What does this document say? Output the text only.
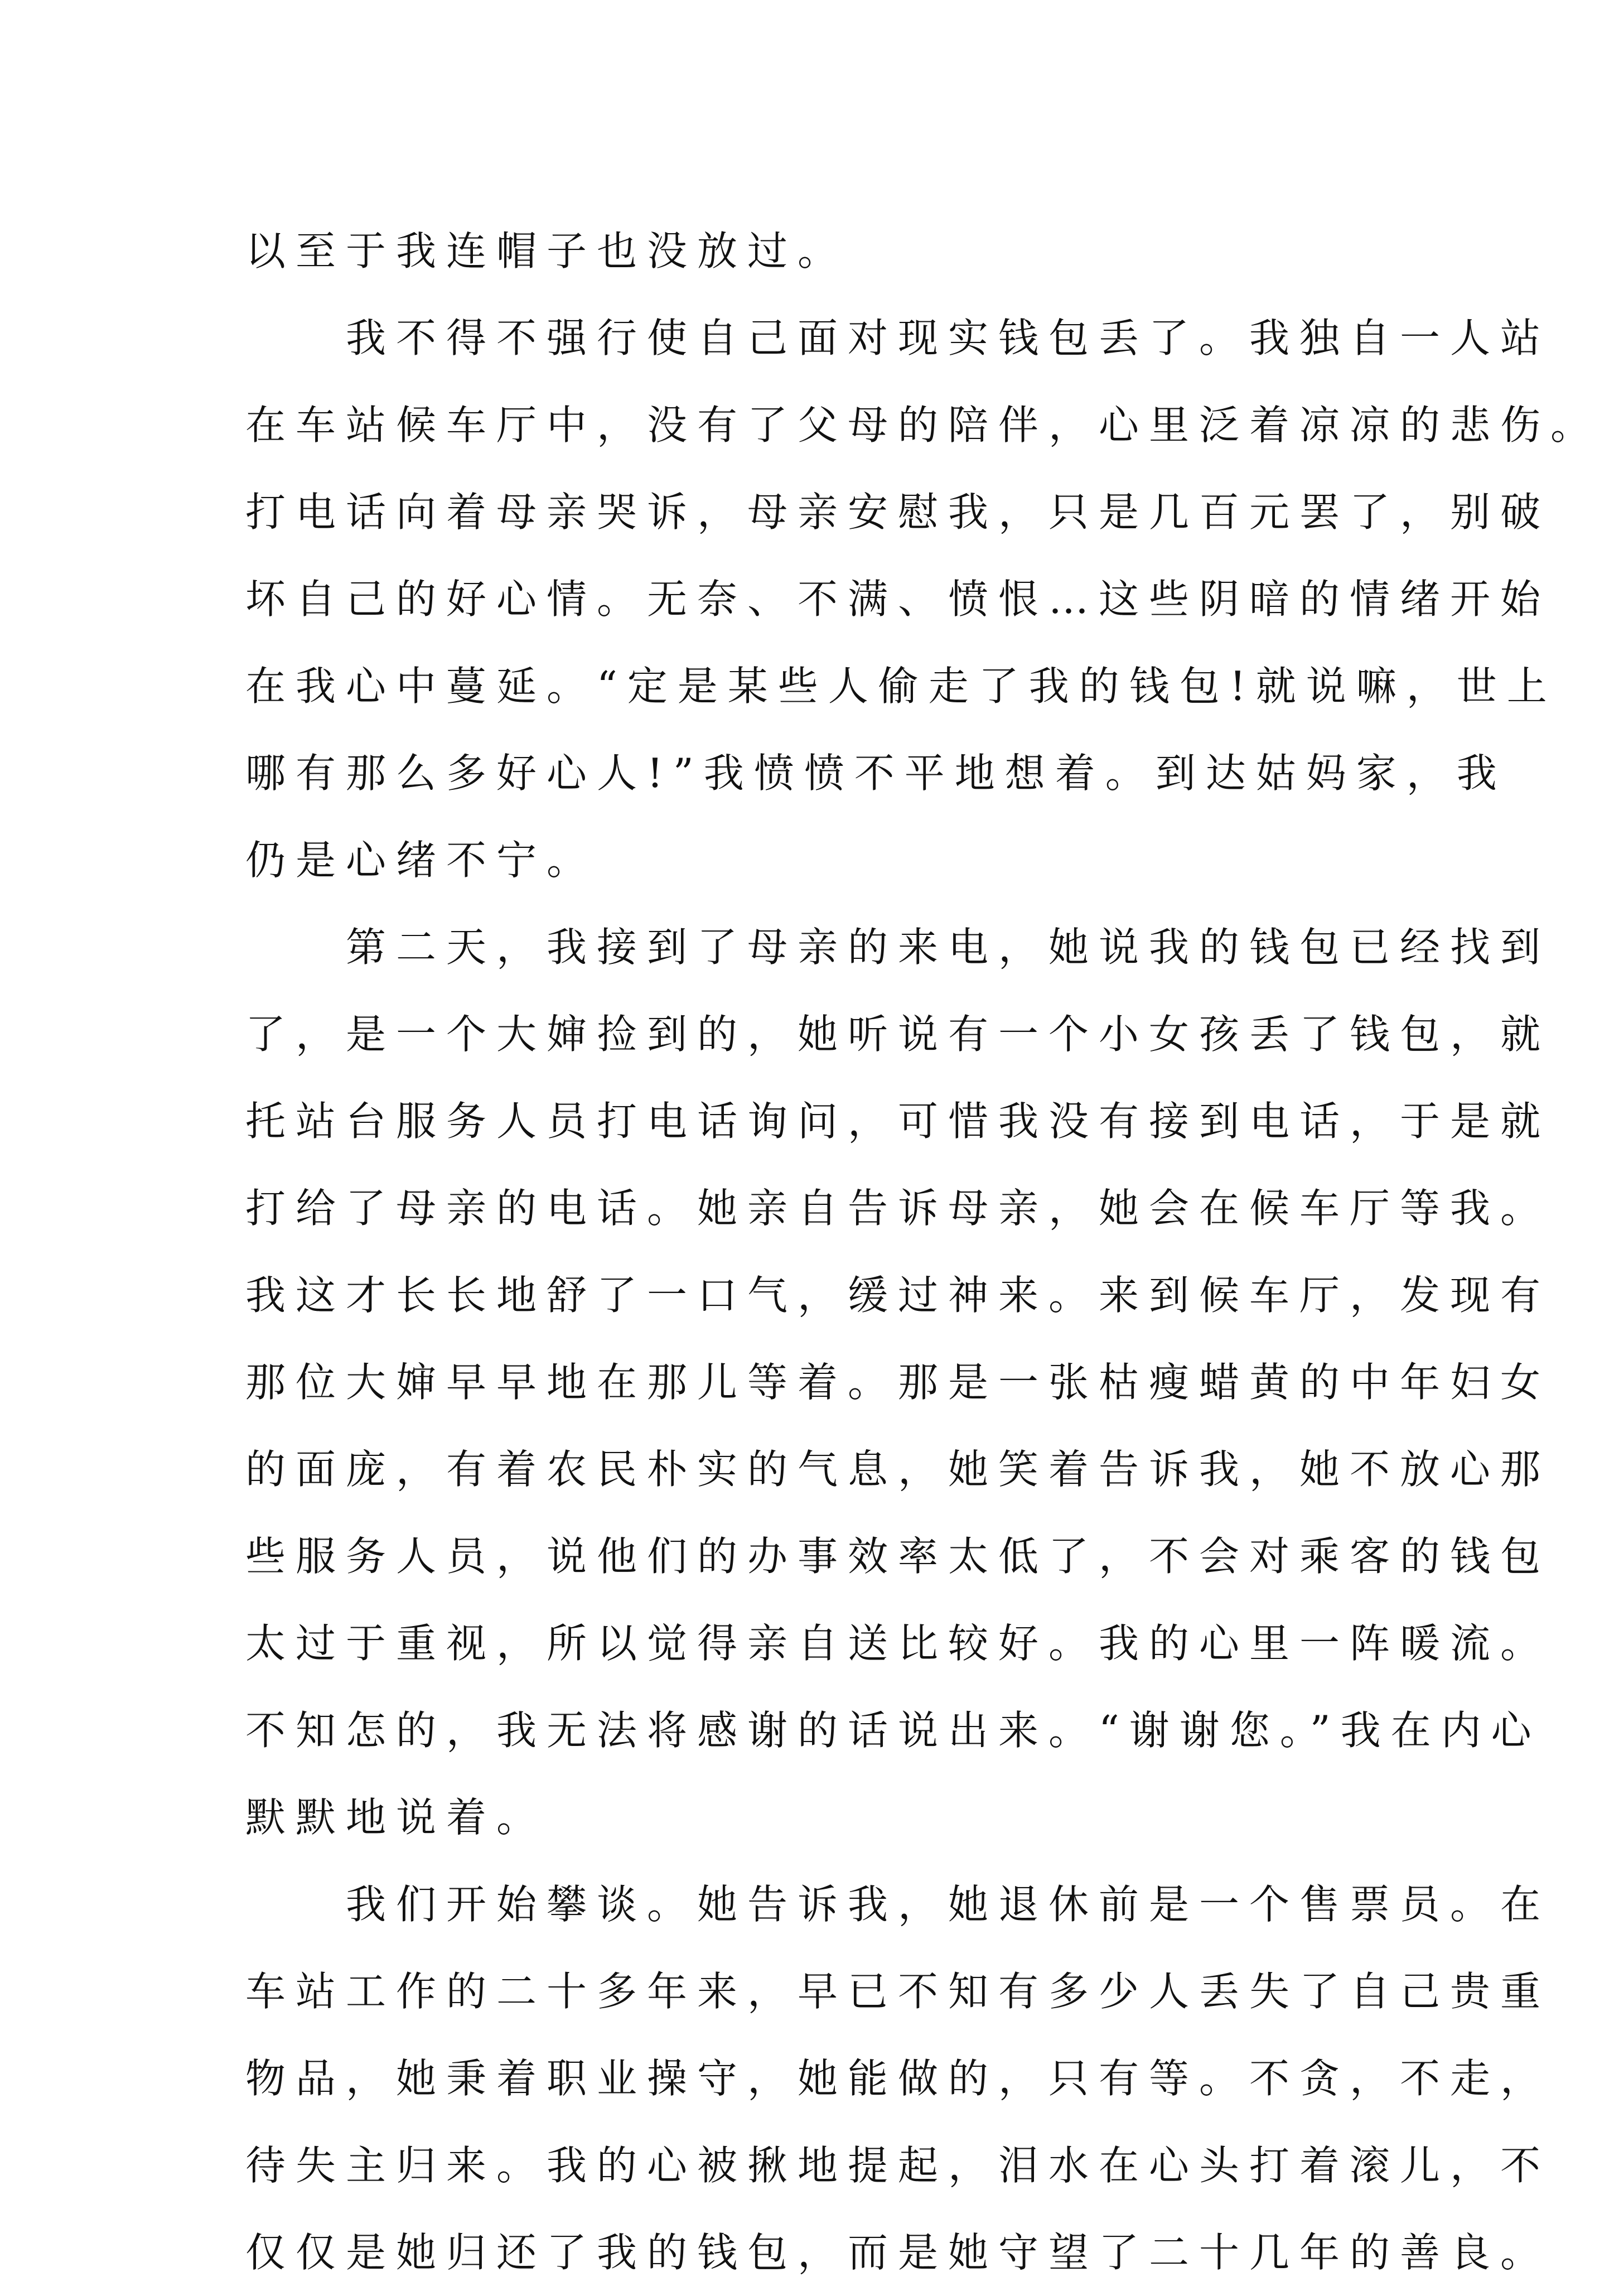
以至于我连帽子也没放过。
　　我不得不强行使自己面对现实钱包丢了。我独自一人站
在车站候车厅中，没有了父母的陪伴，心里泛着凉凉的悲伤。
打电话向着母亲哭诉，母亲安慰我，只是几百元罢了，别破
坏自己的好心情。无奈、不满、愤恨…这些阴暗的情绪开始
在我心中蔓延。“定是某些人偷走了我的钱包!就说嘛，世上
哪有那么多好心人!”我愤愤不平地想着。到达姑妈家，我
仍是心绪不宁。
　　第二天，我接到了母亲的来电，她说我的钱包已经找到
了，是一个大婶捡到的，她听说有一个小女孩丢了钱包，就
托站台服务人员打电话询问，可惜我没有接到电话，于是就
打给了母亲的电话。她亲自告诉母亲，她会在候车厅等我。
我这才长长地舒了一口气，缓过神来。来到候车厅，发现有
那位大婶早早地在那儿等着。那是一张枯瘦蜡黄的中年妇女
的面庞，有着农民朴实的气息，她笑着告诉我，她不放心那
些服务人员，说他们的办事效率太低了，不会对乘客的钱包
太过于重视，所以觉得亲自送比较好。我的心里一阵暖流。
不知怎的，我无法将感谢的话说出来。“谢谢您。”我在内心
默默地说着。
　　我们开始攀谈。她告诉我，她退休前是一个售票员。在
车站工作的二十多年来，早已不知有多少人丢失了自己贵重
物品，她秉着职业操守，她能做的，只有等。不贪，不走，
待失主归来。我的心被揪地提起，泪水在心头打着滚儿，不
仅仅是她归还了我的钱包，而是她守望了二十几年的善良。
